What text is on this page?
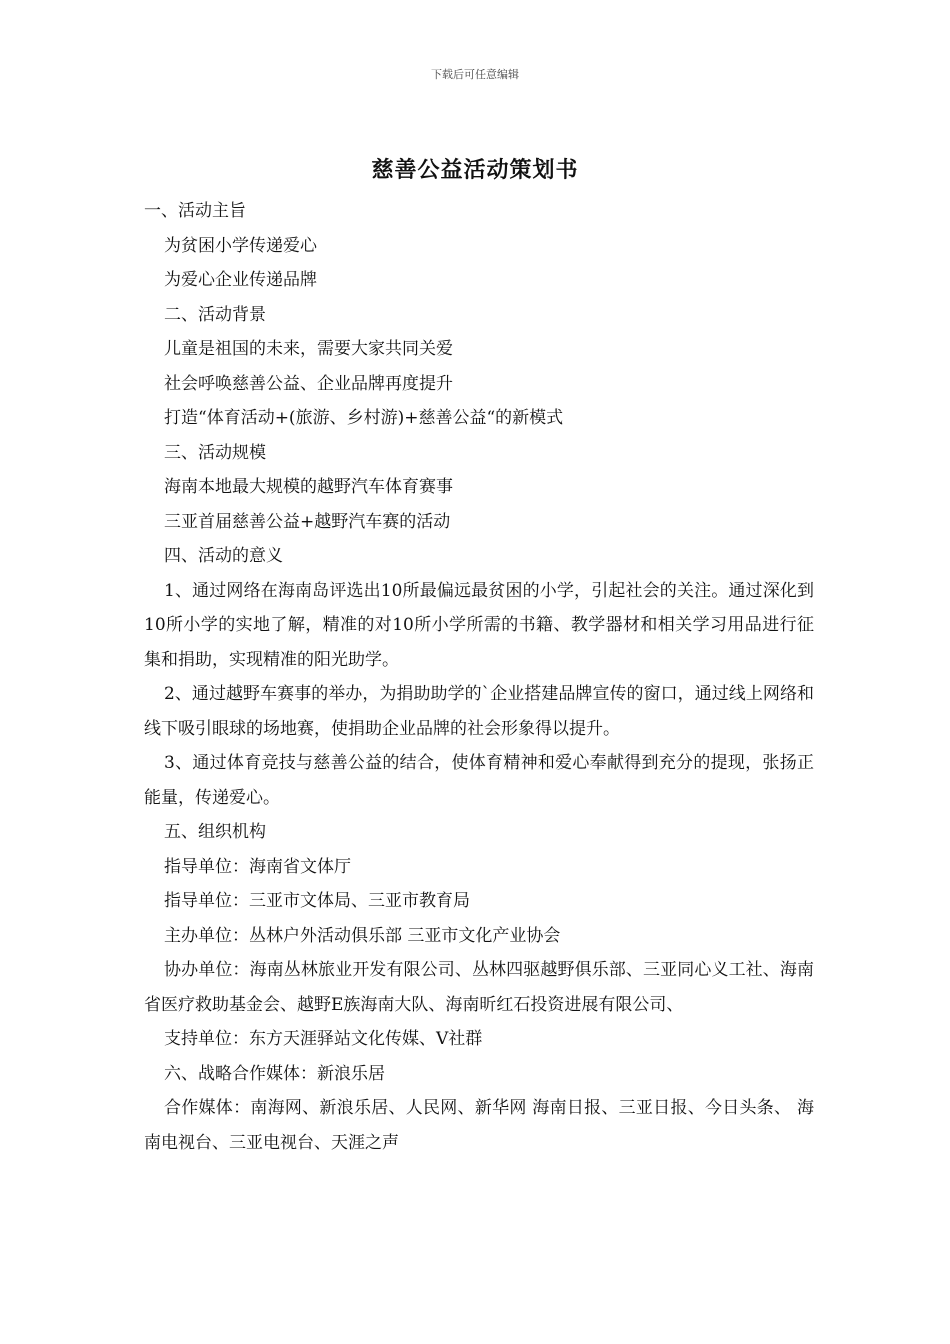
下载后可任意编辑
慈善公益活动策划书

一、活动主旨

为贫困小学传递爱心

为爱心企业传递品牌

二、活动背景

儿童是祖国的未来，需要大家共同关爱

社会呼唤慈善公益、企业品牌再度提升

打造“体育活动+(旅游、乡村游)+慈善公益“的新模式

三、活动规模

海南本地最大规模的越野汽车体育赛事

三亚首届慈善公益+越野汽车赛的活动

四、活动的意义

1、通过网络在海南岛评选出10所最偏远最贫困的小学，引起社会的关注。通过深化到10所小学的实地了解，精准的对10所小学所需的书籍、教学器材和相关学习用品进行征集和捐助，实现精准的阳光助学。

2、通过越野车赛事的举办，为捐助助学的`企业搭建品牌宣传的窗口，通过线上网络和线下吸引眼球的场地赛，使捐助企业品牌的社会形象得以提升。

3、通过体育竞技与慈善公益的结合，使体育精神和爱心奉献得到充分的提现，张扬正能量，传递爱心。

五、组织机构

指导单位：海南省文体厅

指导单位：三亚市文体局、三亚市教育局

主办单位：丛林户外活动俱乐部 三亚市文化产业协会

协办单位：海南丛林旅业开发有限公司、丛林四驱越野俱乐部、三亚同心义工社、海南省医疗救助基金会、越野E族海南大队、海南昕红石投资进展有限公司、

支持单位：东方天涯驿站文化传媒、V社群

六、战略合作媒体：新浪乐居

合作媒体：南海网、新浪乐居、人民网、新华网 海南日报、三亚日报、今日头条、 海南电视台、三亚电视台、天涯之声
